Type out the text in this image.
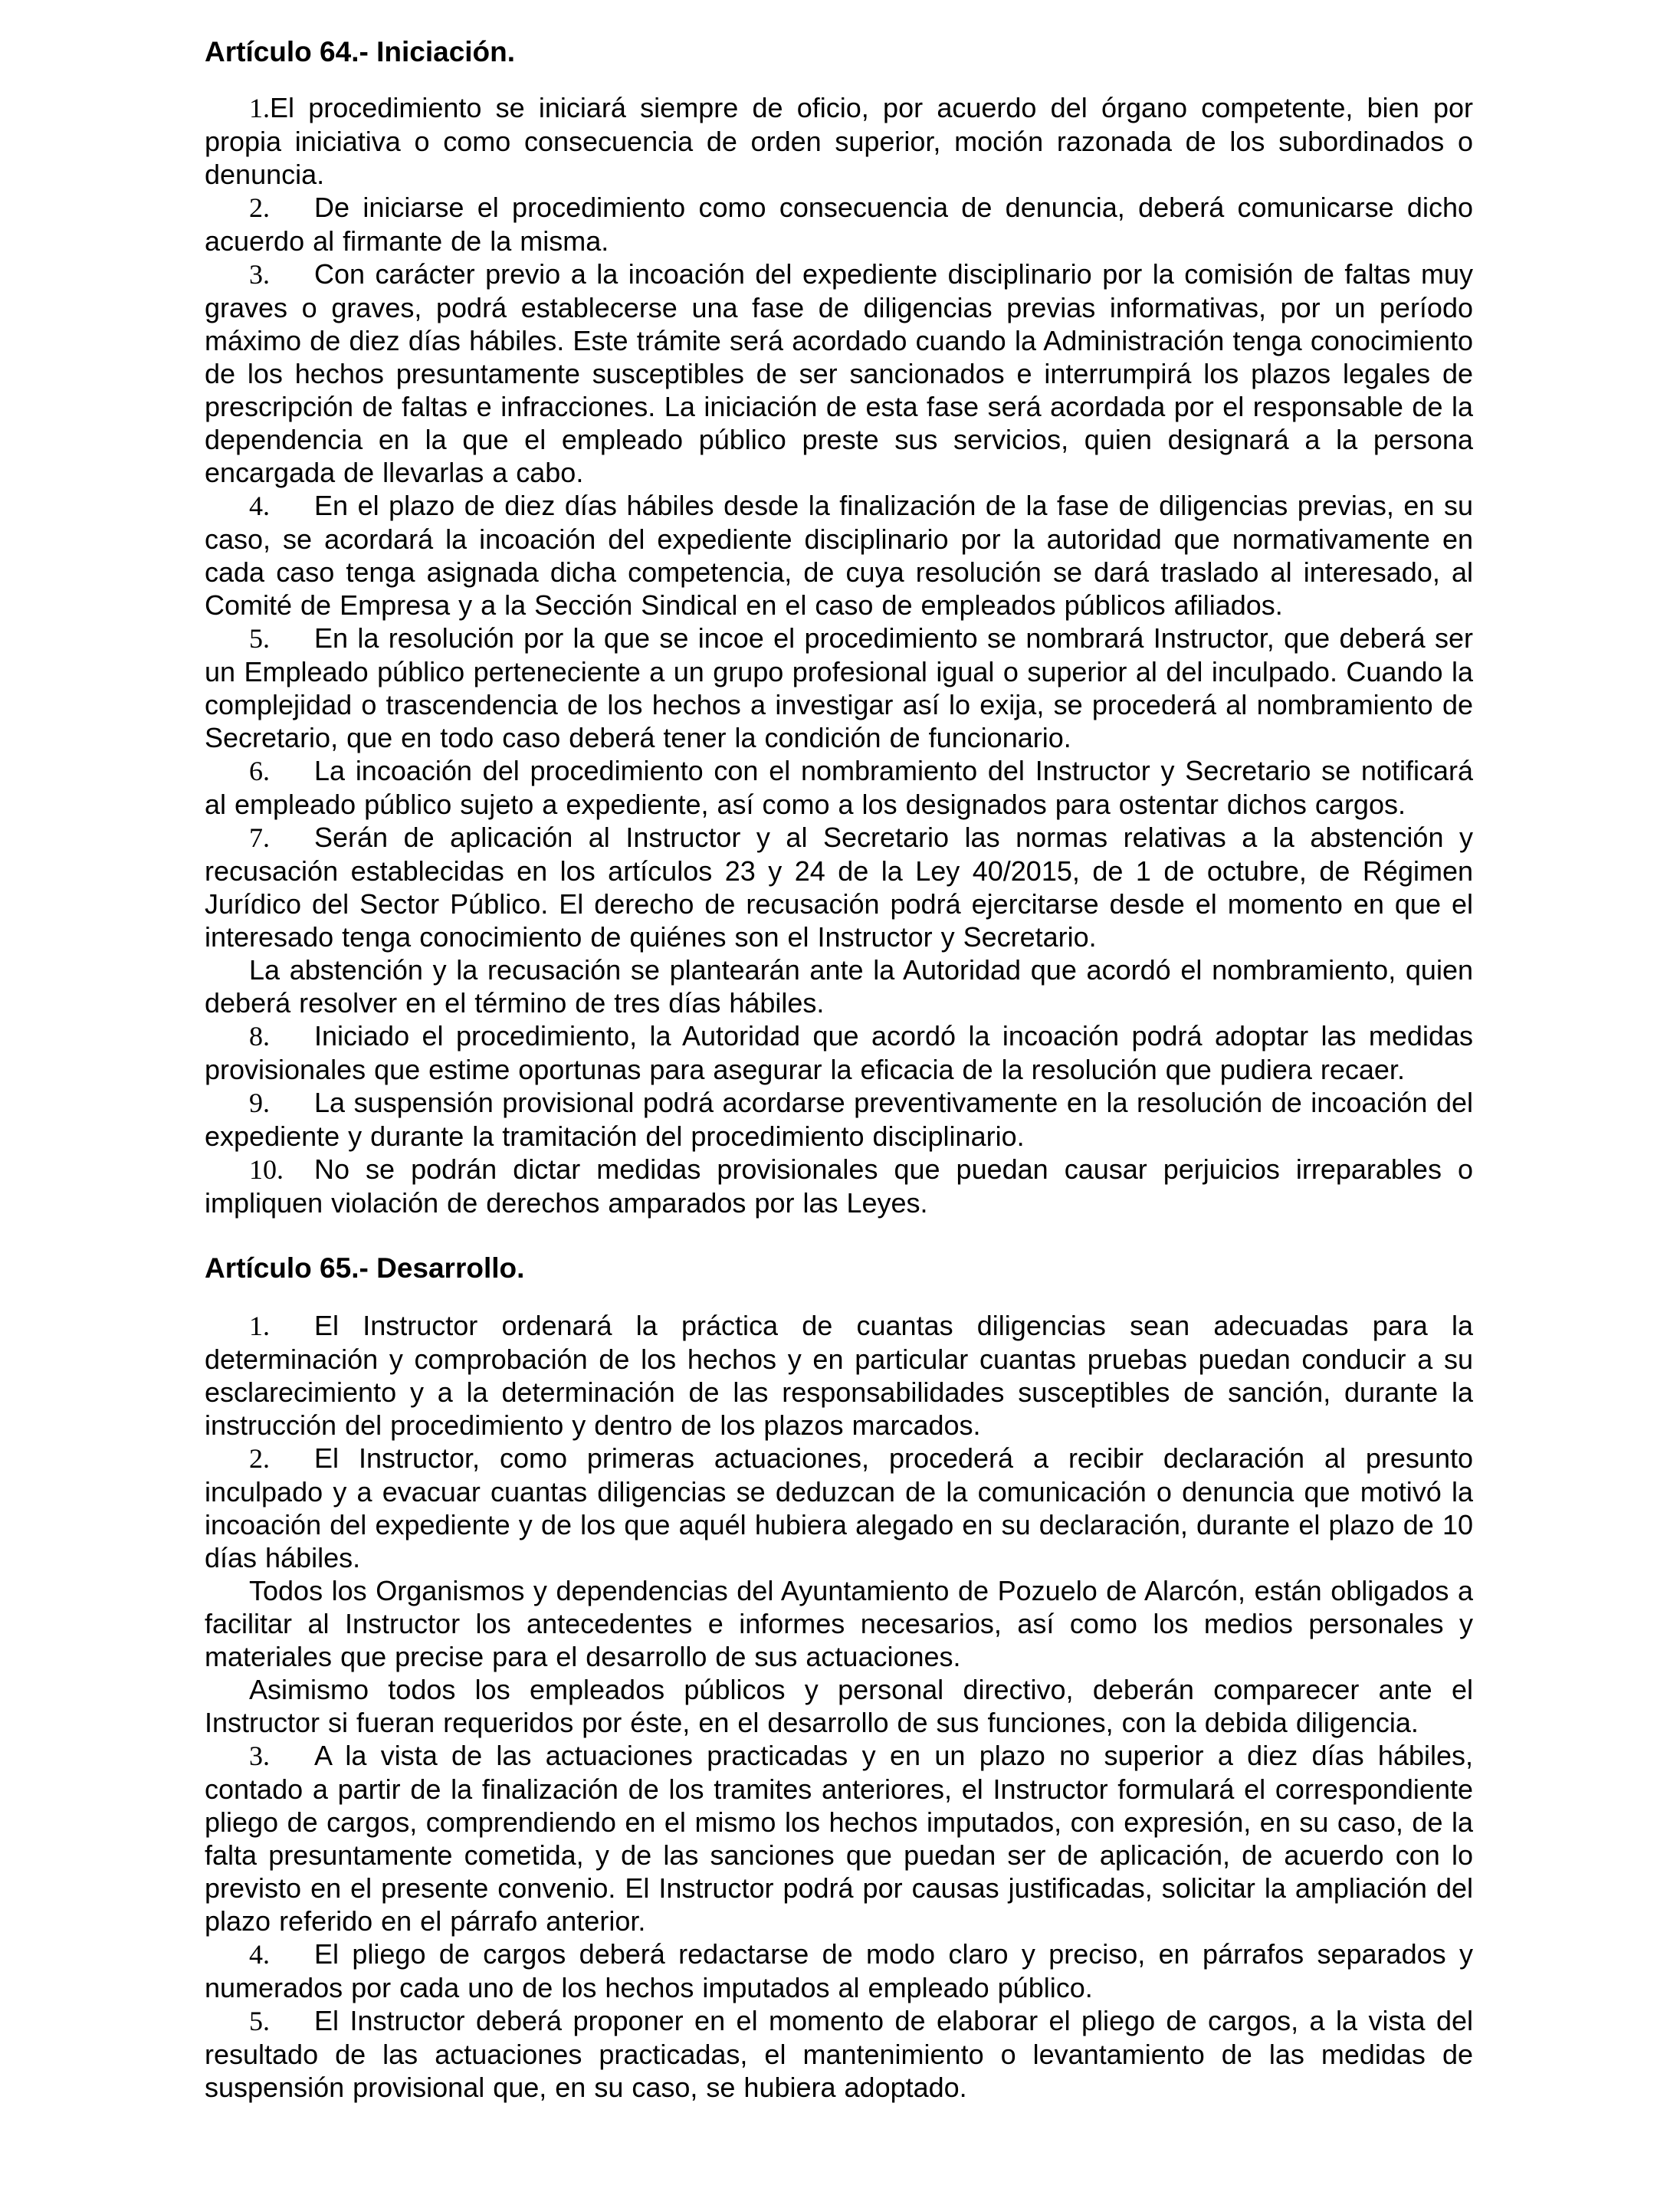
Artículo 64.- Iniciación.

1.El procedimiento se iniciará siempre de oficio, por acuerdo del órgano competente, bien por propia iniciativa o como consecuencia de orden superior, moción razonada de los subordinados o denuncia.

2. De iniciarse el procedimiento como consecuencia de denuncia, deberá comunicarse dicho acuerdo al firmante de la misma.

3. Con carácter previo a la incoación del expediente disciplinario por la comisión de faltas muy graves o graves, podrá establecerse una fase de diligencias previas informativas, por un período máximo de diez días hábiles. Este trámite será acordado cuando la Administración tenga conocimiento de los hechos presuntamente susceptibles de ser sancionados e interrumpirá los plazos legales de prescripción de faltas e infracciones. La iniciación de esta fase será acordada por el responsable de la dependencia en la que el empleado público preste sus servicios, quien designará a la persona encargada de llevarlas a cabo.

4. En el plazo de diez días hábiles desde la finalización de la fase de diligencias previas, en su caso, se acordará la incoación del expediente disciplinario por la autoridad que normativamente en cada caso tenga asignada dicha competencia, de cuya resolución se dará traslado al interesado, al Comité de Empresa y a la Sección Sindical en el caso de empleados públicos afiliados.

5. En la resolución por la que se incoe el procedimiento se nombrará Instructor, que deberá ser un Empleado público perteneciente a un grupo profesional igual o superior al del inculpado. Cuando la complejidad o trascendencia de los hechos a investigar así lo exija, se procederá al nombramiento de Secretario, que en todo caso deberá tener la condición de funcionario.

6. La incoación del procedimiento con el nombramiento del Instructor y Secretario se notificará al empleado público sujeto a expediente, así como a los designados para ostentar dichos cargos.

7. Serán de aplicación al Instructor y al Secretario las normas relativas a la abstención y recusación establecidas en los artículos 23 y 24 de la Ley 40/2015, de 1 de octubre, de Régimen Jurídico del Sector Público. El derecho de recusación podrá ejercitarse desde el momento en que el interesado tenga conocimiento de quiénes son el Instructor y Secretario.

La abstención y la recusación se plantearán ante la Autoridad que acordó el nombramiento, quien deberá resolver en el término de tres días hábiles.

8. Iniciado el procedimiento, la Autoridad que acordó la incoación podrá adoptar las medidas provisionales que estime oportunas para asegurar la eficacia de la resolución que pudiera recaer.

9. La suspensión provisional podrá acordarse preventivamente en la resolución de incoación del expediente y durante la tramitación del procedimiento disciplinario.

10. No se podrán dictar medidas provisionales que puedan causar perjuicios irreparables o impliquen violación de derechos amparados por las Leyes.

Artículo 65.- Desarrollo.

1. El Instructor ordenará la práctica de cuantas diligencias sean adecuadas para la determinación y comprobación de los hechos y en particular cuantas pruebas puedan conducir a su esclarecimiento y a la determinación de las responsabilidades susceptibles de sanción, durante la instrucción del procedimiento y dentro de los plazos marcados.

2. El Instructor, como primeras actuaciones, procederá a recibir declaración al presunto inculpado y a evacuar cuantas diligencias se deduzcan de la comunicación o denuncia que motivó la incoación del expediente y de los que aquél hubiera alegado en su declaración, durante el plazo de 10 días hábiles.

Todos los Organismos y dependencias del Ayuntamiento de Pozuelo de Alarcón, están obligados a facilitar al Instructor los antecedentes e informes necesarios, así como los medios personales y materiales que precise para el desarrollo de sus actuaciones.

Asimismo todos los empleados públicos y personal directivo, deberán comparecer ante el Instructor si fueran requeridos por éste, en el desarrollo de sus funciones, con la debida diligencia.

3. A la vista de las actuaciones practicadas y en un plazo no superior a diez días hábiles, contado a partir de la finalización de los tramites anteriores, el Instructor formulará el correspondiente pliego de cargos, comprendiendo en el mismo los hechos imputados, con expresión, en su caso, de la falta presuntamente cometida, y de las sanciones que puedan ser de aplicación, de acuerdo con lo previsto en el presente convenio. El Instructor podrá por causas justificadas, solicitar la ampliación del plazo referido en el párrafo anterior.

4. El pliego de cargos deberá redactarse de modo claro y preciso, en párrafos separados y numerados por cada uno de los hechos imputados al empleado público.

5. El Instructor deberá proponer en el momento de elaborar el pliego de cargos, a la vista del resultado de las actuaciones practicadas, el mantenimiento o levantamiento de las medidas de suspensión provisional que, en su caso, se hubiera adoptado.
